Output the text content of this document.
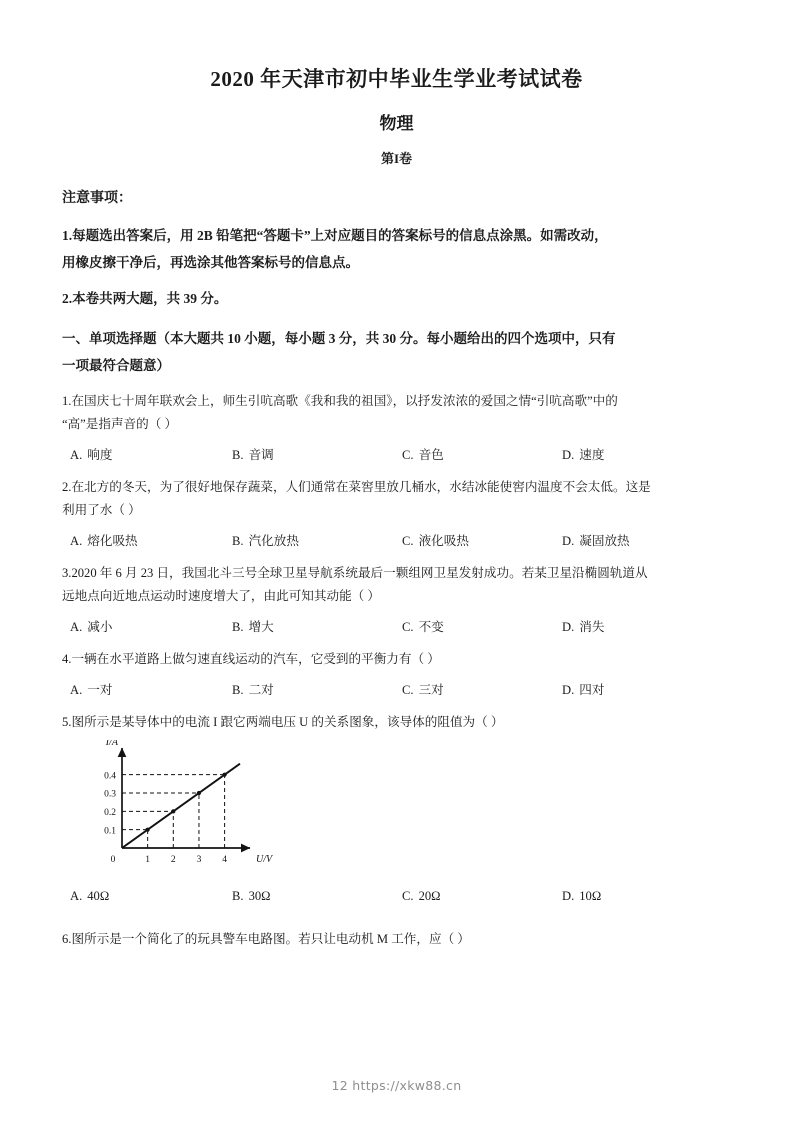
2020 年天津市初中毕业生学业考试试卷
物理
第I卷

注意事项：

1.每题选出答案后，用 2B 铅笔把“答题卡”上对应题目的答案标号的信息点涂黑。如需改动，

用橡皮擦干净后，再选涂其他答案标号的信息点。

2.本卷共两大题，共 39 分。

一、单项选择题（本大题共 10 小题，每小题 3 分，共 30 分。每小题给出的四个选项中，只有

一项最符合题意）

1.在国庆七十周年联欢会上，师生引吭高歌《我和我的祖国》，以抒发浓浓的爱国之情“引吭高歌”中的

“高”是指声音的（ ）

A. 响度	B. 音调	C. 音色	D. 速度

2.在北方的冬天，为了很好地保存蔬菜，人们通常在菜窖里放几桶水，水结冰能使窖内温度不会太低。这是

利用了水（ ）

A. 熔化吸热	B. 汽化放热	C. 液化吸热	D. 凝固放热

3.2020 年 6 月 23 日，我国北斗三号全球卫星导航系统最后一颗组网卫星发射成功。若某卫星沿椭圆轨道从

远地点向近地点运动时速度增大了，由此可知其动能（ ）

A. 减小	B. 增大	C. 不变	D. 消失

4.一辆在水平道路上做匀速直线运动的汽车，它受到的平衡力有（ ）

A. 一对	B. 二对	C. 三对	D. 四对

5.图所示是某导体中的电流 I 跟它两端电压 U 的关系图象，该导体的阻值为（ ）

0.1
0.2
0.3
0.4
1 2 3 4
0
I/A
U/V
A. 40Ω	B. 30Ω	C. 20Ω	D. 10Ω

6.图所示是一个简化了的玩具警车电路图。若只让电动机 M 工作，应（ ）

12 https://xkw88.cn
